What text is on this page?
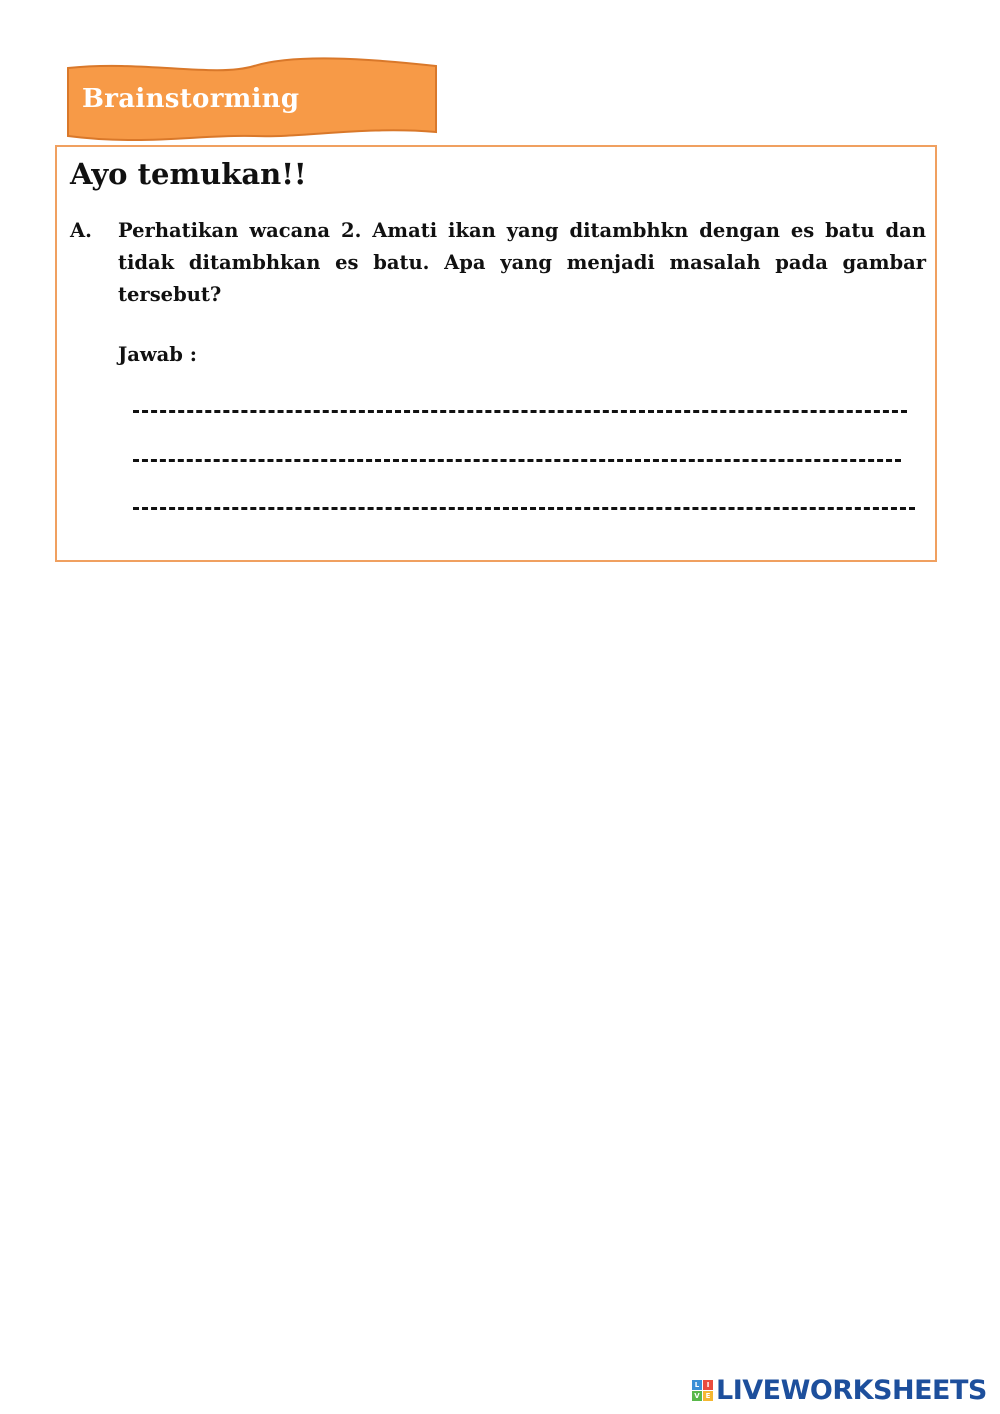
Brainstorming
Ayo temukan!!
A. Perhatikan wacana 2. Amati ikan yang ditambhkn dengan es batu dan tidak ditambhkan es batu. Apa yang menjadi masalah pada gambar tersebut?

Jawab :
L	I
V E LIVEWORKSHEETS
